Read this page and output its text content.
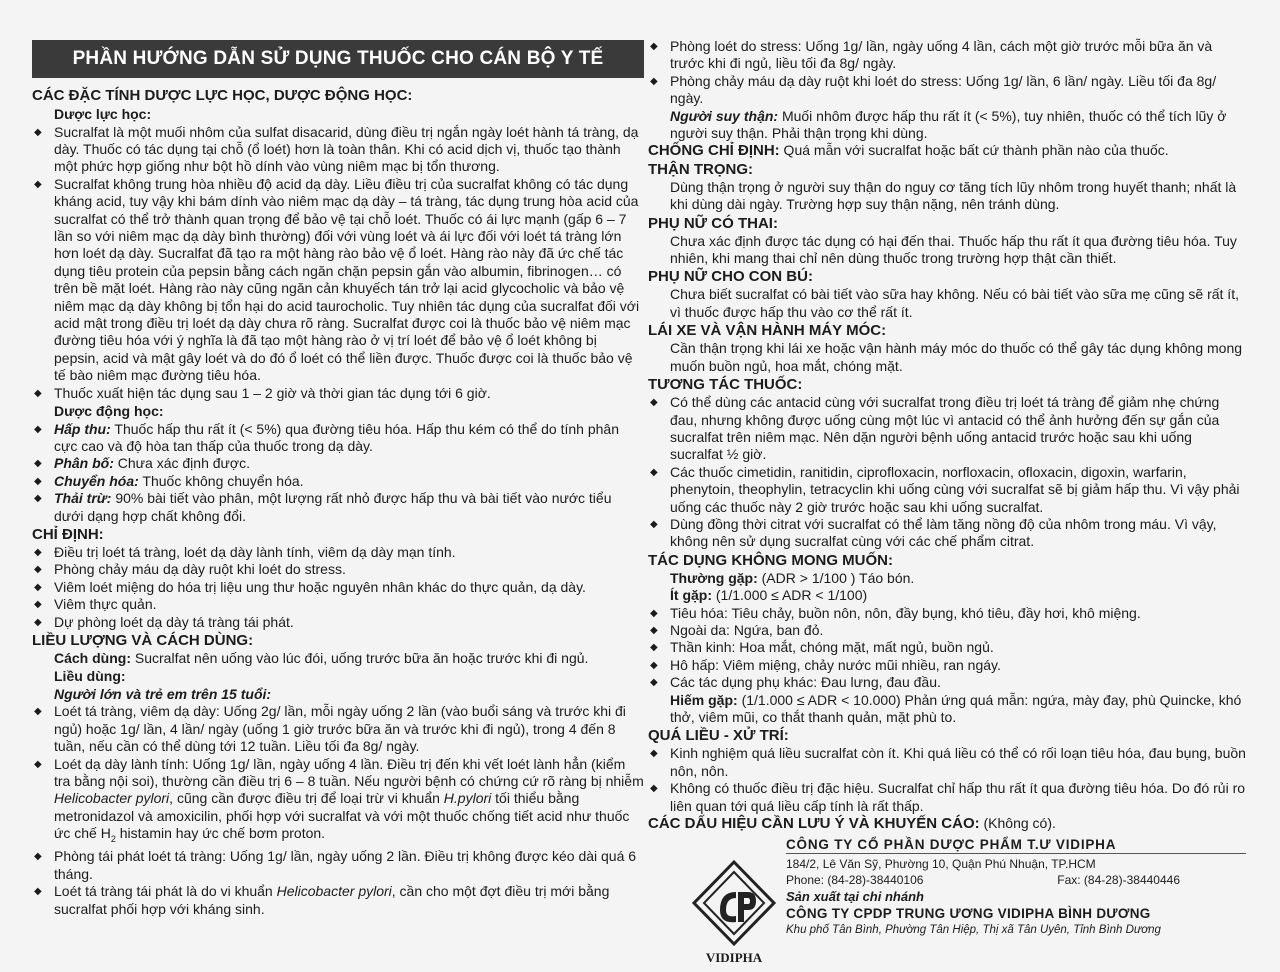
PHẦN HƯỚNG DẪN SỬ DỤNG THUỐC CHO CÁN BỘ Y TẾ
CÁC ĐẶC TÍNH DƯỢC LỰC HỌC, DƯỢC ĐỘNG HỌC:
Dược lực học:
◆ Sucralfat là một muối nhôm của sulfat disacarid, dùng điều trị ngắn ngày loét hành tá tràng, dạ dày. Thuốc có tác dụng tại chỗ (ổ loét) hơn là toàn thân. Khi có acid dịch vị, thuốc tạo thành một phức hợp giống như bột hồ dính vào vùng niêm mạc bị tổn thương.
◆ Sucralfat không trung hòa nhiều độ acid dạ dày. Liều điều trị của sucralfat không có tác dụng kháng acid, tuy vậy khi bám dính vào niêm mạc dạ dày – tá tràng, tác dụng trung hòa acid của sucralfat có thể trở thành quan trọng để bảo vệ tại chỗ loét. Thuốc có ái lực mạnh (gấp 6 – 7 lần so với niêm mạc dạ dày bình thường) đối với vùng loét và ái lực đối với loét tá tràng lớn hơn loét dạ dày. Sucralfat đã tạo ra một hàng rào bảo vệ ổ loét. Hàng rào này đã ức chế tác dụng tiêu protein của pepsin bằng cách ngăn chặn pepsin gắn vào albumin, fibrinogen… có trên bề mặt loét. Hàng rào này cũng ngăn cản khuyếch tán trở lại acid glycocholic và bảo vệ niêm mạc dạ dày không bị tổn hại do acid taurocholic. Tuy nhiên tác dụng của sucralfat đối với acid mật trong điều trị loét dạ dày chưa rõ ràng. Sucralfat được coi là thuốc bảo vệ niêm mạc đường tiêu hóa với ý nghĩa là đã tạo một hàng rào ở vị trí loét để bảo vệ ổ loét không bị pepsin, acid và mật gây loét và do đó ổ loét có thể liền được. Thuốc được coi là thuốc bảo vệ tế bào niêm mạc đường tiêu hóa.
◆ Thuốc xuất hiện tác dụng sau 1 – 2 giờ và thời gian tác dụng tới 6 giờ.
Dược động học:
◆ Hấp thu: Thuốc hấp thu rất ít (< 5%) qua đường tiêu hóa. Hấp thu kém có thể do tính phân cực cao và độ hòa tan thấp của thuốc trong dạ dày.
◆ Phân bố: Chưa xác định được.
◆ Chuyển hóa: Thuốc không chuyển hóa.
◆ Thải trừ: 90% bài tiết vào phân, một lượng rất nhỏ được hấp thu và bài tiết vào nước tiểu dưới dạng hợp chất không đổi.
CHỈ ĐỊNH:
◆ Điều trị loét tá tràng, loét dạ dày lành tính, viêm dạ dày mạn tính.
◆ Phòng chảy máu dạ dày ruột khi loét do stress.
◆ Viêm loét miệng do hóa trị liệu ung thư hoặc nguyên nhân khác do thực quản, dạ dày.
◆ Viêm thực quản.
◆ Dự phòng loét dạ dày tá tràng tái phát.
LIỀU LƯỢNG VÀ CÁCH DÙNG:
Cách dùng: Sucralfat nên uống vào lúc đói, uống trước bữa ăn hoặc trước khi đi ngủ.
Liều dùng:
Người lớn và trẻ em trên 15 tuổi:
◆ Loét tá tràng, viêm dạ dày: Uống 2g/ lần, mỗi ngày uống 2 lần (vào buổi sáng và trước khi đi ngủ) hoặc 1g/ lần, 4 lần/ ngày (uống 1 giờ trước bữa ăn và trước khi đi ngủ), trong 4 đến 8 tuần, nếu cần có thể dùng tới 12 tuần. Liều tối đa 8g/ ngày.
◆ Loét dạ dày lành tính: Uống 1g/ lần, ngày uống 4 lần. Điều trị đến khi vết loét lành hẳn (kiểm tra bằng nội soi), thường cần điều trị 6 – 8 tuần. Nếu người bệnh có chứng cứ rõ ràng bị nhiễm Helicobacter pylori, cũng cần được điều trị để loại trừ vi khuẩn H.pylori tối thiểu bằng metronidazol và amoxicilin, phối hợp với sucralfat và với một thuốc chống tiết acid như thuốc ức chế $H_2$ histamin hay ức chế bơm proton.
◆ Phòng tái phát loét tá tràng: Uống 1g/ lần, ngày uống 2 lần. Điều trị không được kéo dài quá 6 tháng.
◆ Loét tá tràng tái phát là do vi khuẩn Helicobacter pylori, cần cho một đợt điều trị mới bằng sucralfat phối hợp với kháng sinh.
◆ Phòng loét do stress: Uống 1g/ lần, ngày uống 4 lần, cách một giờ trước mỗi bữa ăn và trước khi đi ngủ, liều tối đa 8g/ ngày.
◆ Phòng chảy máu dạ dày ruột khi loét do stress: Uống 1g/ lần, 6 lần/ ngày. Liều tối đa 8g/ ngày.
Người suy thận: Muối nhôm được hấp thu rất ít (< 5%), tuy nhiên, thuốc có thể tích lũy ở người suy thận. Phải thận trọng khi dùng.
CHỐNG CHỈ ĐỊNH: Quá mẫn với sucralfat hoặc bất cứ thành phần nào của thuốc.
THẬN TRỌNG:
Dùng thận trọng ở người suy thận do nguy cơ tăng tích lũy nhôm trong huyết thanh; nhất là khi dùng dài ngày. Trường hợp suy thận nặng, nên tránh dùng.
PHỤ NỮ CÓ THAI:
Chưa xác định được tác dụng có hại đến thai. Thuốc hấp thu rất ít qua đường tiêu hóa. Tuy nhiên, khi mang thai chỉ nên dùng thuốc trong trường hợp thật cần thiết.
PHỤ NỮ CHO CON BÚ:
Chưa biết sucralfat có bài tiết vào sữa hay không. Nếu có bài tiết vào sữa mẹ cũng sẽ rất ít, vì thuốc được hấp thu vào cơ thể rất ít.
LÁI XE VÀ VẬN HÀNH MÁY MÓC:
Cần thận trọng khi lái xe hoặc vận hành máy móc do thuốc có thể gây tác dụng không mong muốn buồn ngủ, hoa mắt, chóng mặt.
TƯƠNG TÁC THUỐC:
◆ Có thể dùng các antacid cùng với sucralfat trong điều trị loét tá tràng để giảm nhẹ chứng đau, nhưng không được uống cùng một lúc vì antacid có thể ảnh hưởng đến sự gắn của sucralfat trên niêm mạc. Nên dặn người bệnh uống antacid trước hoặc sau khi uống sucralfat ½ giờ.
◆ Các thuốc cimetidin, ranitidin, ciprofloxacin, norfloxacin, ofloxacin, digoxin, warfarin, phenytoin, theophylin, tetracyclin khi uống cùng với sucralfat sẽ bị giảm hấp thu. Vì vậy phải uống các thuốc này 2 giờ trước hoặc sau khi uống sucralfat.
◆ Dùng đồng thời citrat với sucralfat có thể làm tăng nồng độ của nhôm trong máu. Vì vậy, không nên sử dụng sucralfat cùng với các chế phẩm citrat.
TÁC DỤNG KHÔNG MONG MUỐN:
Thường gặp: (ADR > 1/100 ) Táo bón.
Ít gặp: (1/1.000 ≤ ADR < 1/100)
◆ Tiêu hóa: Tiêu chảy, buồn nôn, nôn, đầy bụng, khó tiêu, đầy hơi, khô miệng.
◆ Ngoài da: Ngứa, ban đỏ.
◆ Thần kinh: Hoa mắt, chóng mặt, mất ngủ, buồn ngủ.
◆ Hô hấp: Viêm miệng, chảy nước mũi nhiều, ran ngáy.
◆ Các tác dụng phụ khác: Đau lưng, đau đầu.
Hiếm gặp: (1/1.000 ≤ ADR < 10.000) Phản ứng quá mẫn: ngứa, mày đay, phù Quincke, khó thở, viêm mũi, co thắt thanh quản, mặt phù to.
QUÁ LIỀU - XỬ TRÍ:
◆ Kinh nghiệm quá liều sucralfat còn ít. Khi quá liều có thể có rối loạn tiêu hóa, đau bụng, buồn nôn, nôn.
◆ Không có thuốc điều trị đặc hiệu. Sucralfat chỉ hấp thu rất ít qua đường tiêu hóa. Do đó rủi ro liên quan tới quá liều cấp tính là rất thấp.
CÁC DẤU HIỆU CẦN LƯU Ý VÀ KHUYẾN CÁO: (Không có).
VIDIPHA
CÔNG TY CỔ PHẦN DƯỢC PHẨM T.Ư VIDIPHA
184/2, Lê Văn Sỹ, Phường 10, Quận Phú Nhuận, TP.HCM
Phone: (84-28)-38440106	Fax: (84-28)-38440446
Sản xuất tại chi nhánh
CÔNG TY CPDP TRUNG ƯƠNG VIDIPHA BÌNH DƯƠNG
Khu phố Tân Bình, Phường Tân Hiệp, Thị xã Tân Uyên, Tỉnh Bình Dương
